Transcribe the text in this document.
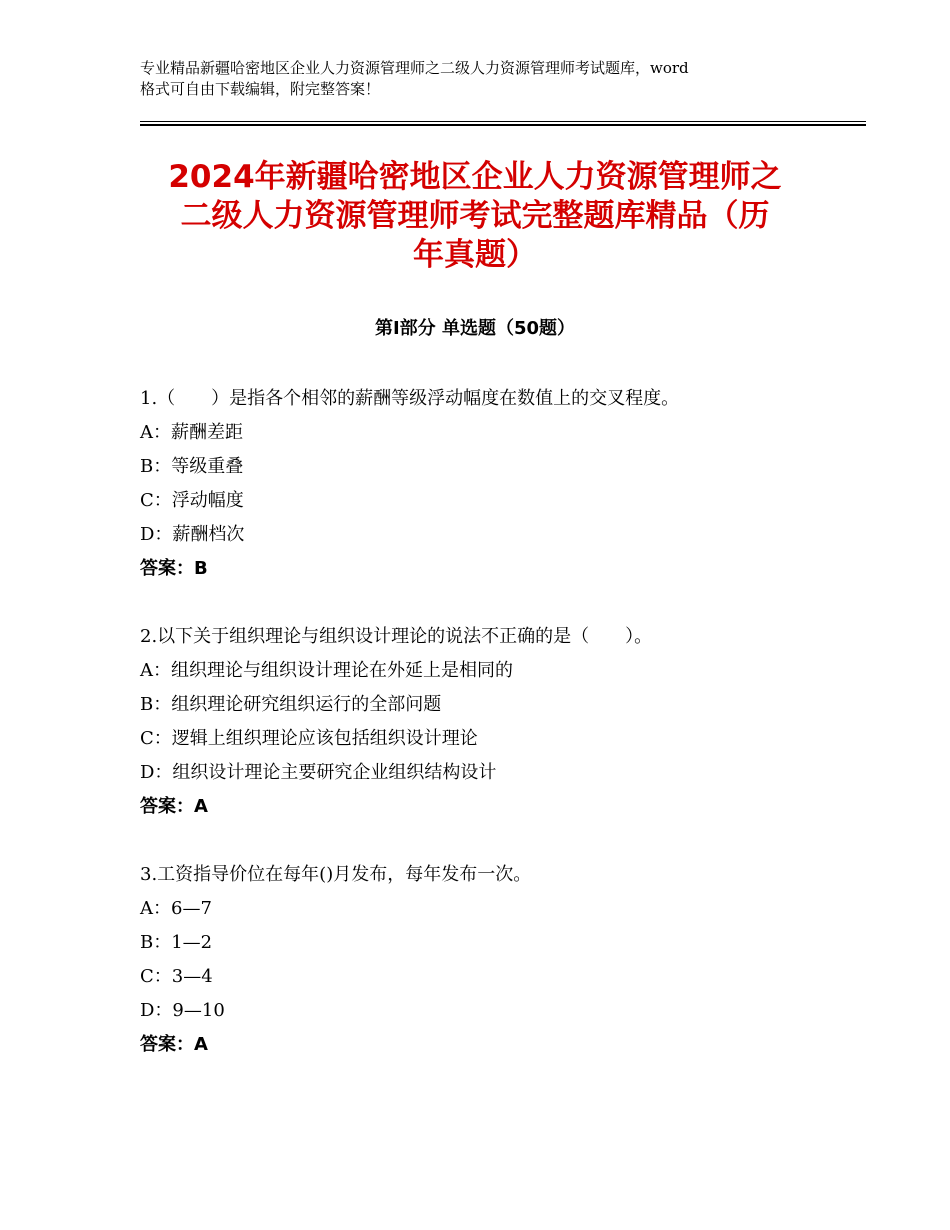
专业精品新疆哈密地区企业人力资源管理师之二级人力资源管理师考试题库，word
格式可自由下载编辑，附完整答案！
2024年新疆哈密地区企业人力资源管理师之
二级人力资源管理师考试完整题库精品（历
年真题）
第Ⅰ部分 单选题（50题）
1.（　　）是指各个相邻的薪酬等级浮动幅度在数值上的交叉程度。
A：薪酬差距
B：等级重叠
C：浮动幅度
D：薪酬档次
答案：B
2.以下关于组织理论与组织设计理论的说法不正确的是（　　）。
A：组织理论与组织设计理论在外延上是相同的
B：组织理论研究组织运行的全部问题
C：逻辑上组织理论应该包括组织设计理论
D：组织设计理论主要研究企业组织结构设计
答案：A
3.工资指导价位在每年()月发布，每年发布一次。
A：6—7
B：1—2
C：3—4
D：9—10
答案：A
